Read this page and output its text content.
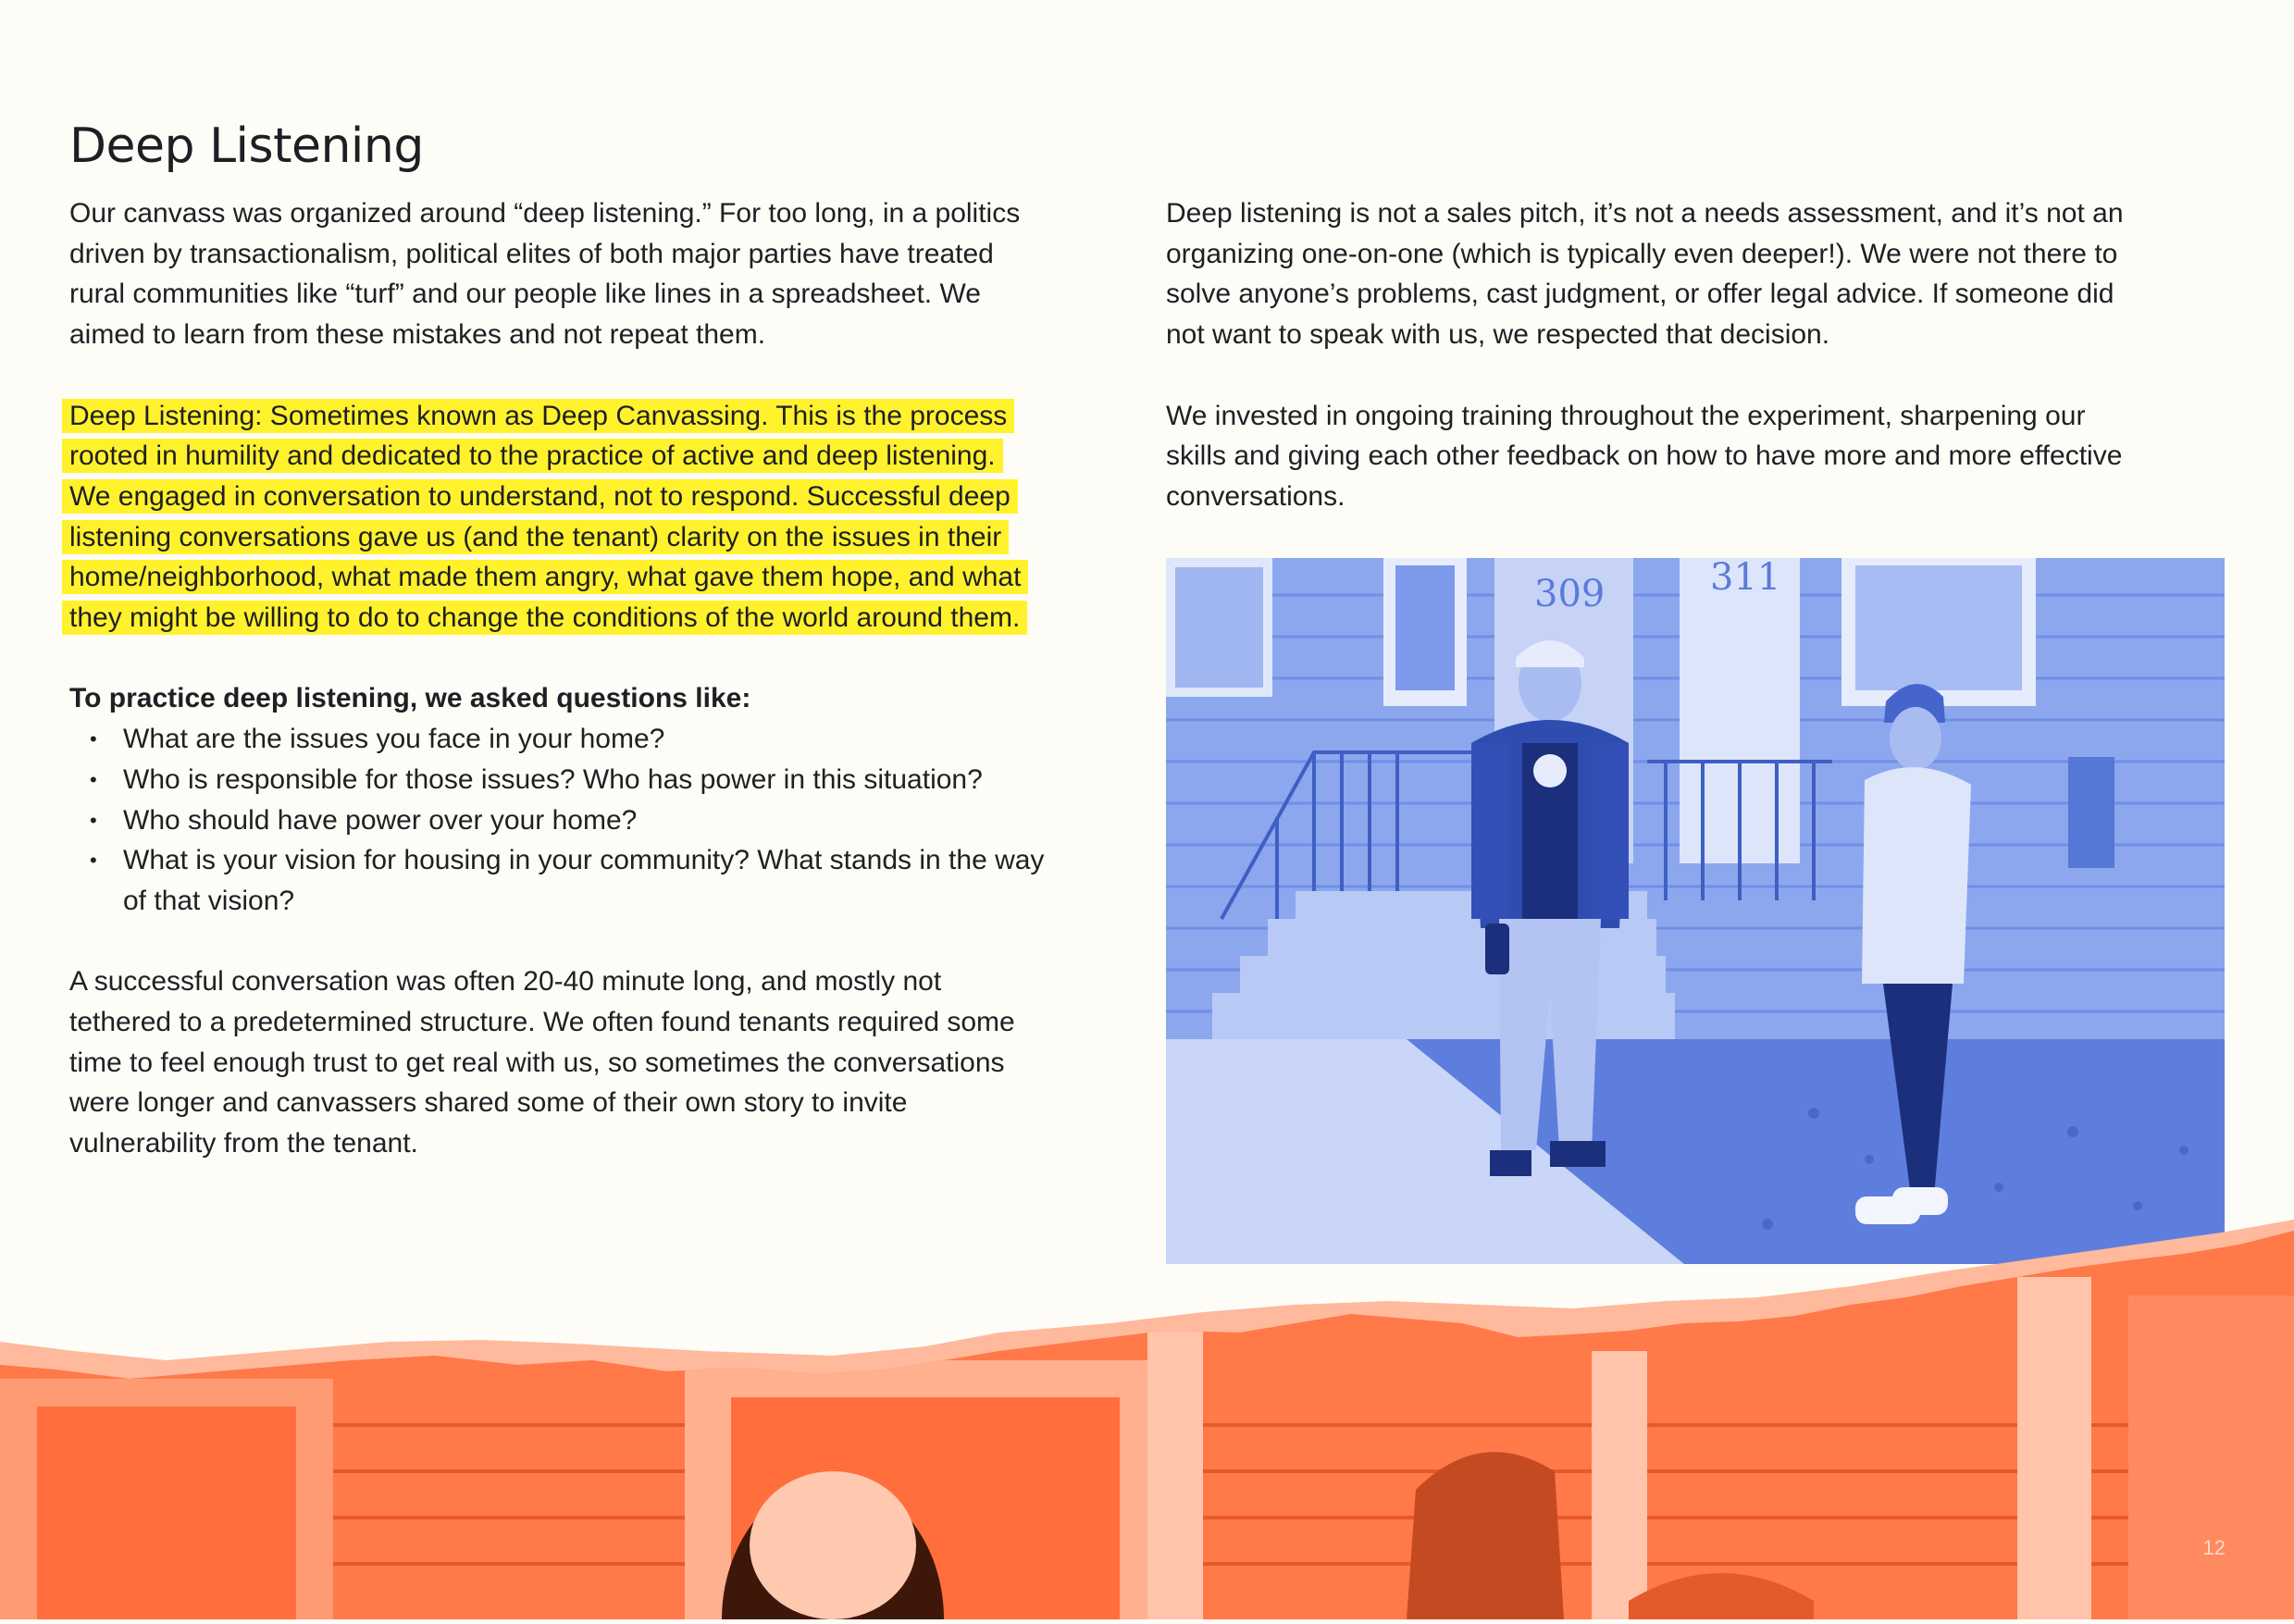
Deep Listening

Our canvass was organized around “deep listening.” For too long, in a politics

driven by transactionalism, political elites of both major parties have treated

rural communities like “turf” and our people like lines in a spreadsheet. We

aimed to learn from these mistakes and not repeat them.

Deep Listening: Sometimes known as Deep Canvassing. This is the process

rooted in humility and dedicated to the practice of active and deep listening.

We engaged in conversation to understand, not to respond. Successful deep

listening conversations gave us (and the tenant) clarity on the issues in their

home/neighborhood, what made them angry, what gave them hope, and what

they might be willing to do to change the conditions of the world around them.

To practice deep listening, we asked questions like:

• What are the issues you face in your home?
• Who is responsible for those issues? Who has power in this situation?
• Who should have power over your home?
• What is your vision for housing in your community? What stands in the way of that vision?

A successful conversation was often 20-40 minute long, and mostly not

tethered to a predetermined structure. We often found tenants required some

time to feel enough trust to get real with us, so sometimes the conversations

were longer and canvassers shared some of their own story to invite

vulnerability from the tenant.

Deep listening is not a sales pitch, it’s not a needs assessment, and it’s not an

organizing one-on-one (which is typically even deeper!). We were not there to

solve anyone’s problems, cast judgment, or offer legal advice. If someone did

not want to speak with us, we respected that decision.

We invested in ongoing training throughout the experiment, sharpening our

skills and giving each other feedback on how to have more and more effective

conversations.

309	311
12
